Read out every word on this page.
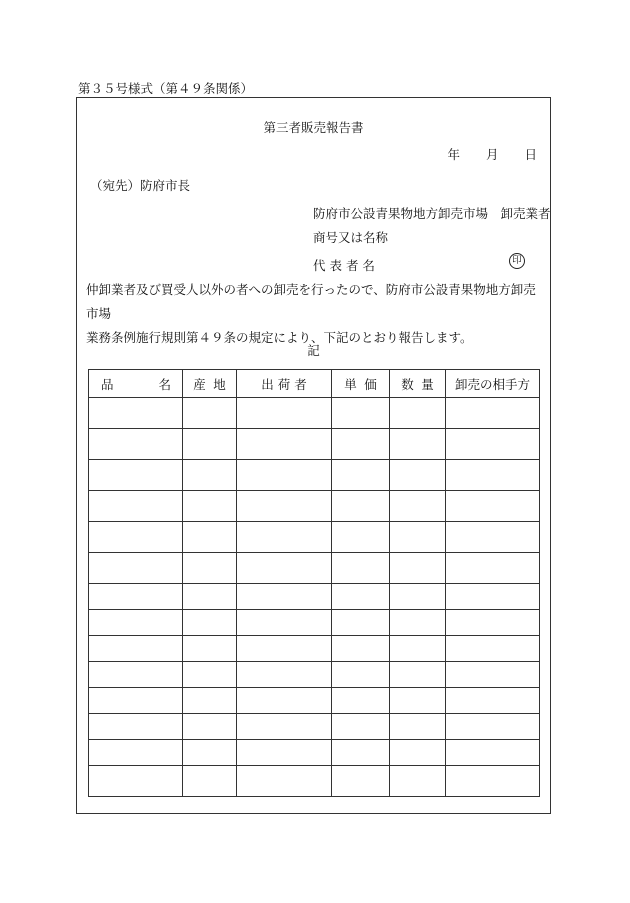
第３５号様式（第４９条関係）
第三者販売報告書
年 月 日
（宛先）防府市長
防府市公設青果物地方卸売市場　卸売業者
商号又は名称
代 表 者 名	印

仲卸業者及び買受人以外の者への卸売を行ったので、防府市公設青果物地方卸売市場

業務条例施行規則第４９条の規定により、下記のとおり報告します。

記
品 名	産地	出 荷 者	単価	数量	卸売の相手方
